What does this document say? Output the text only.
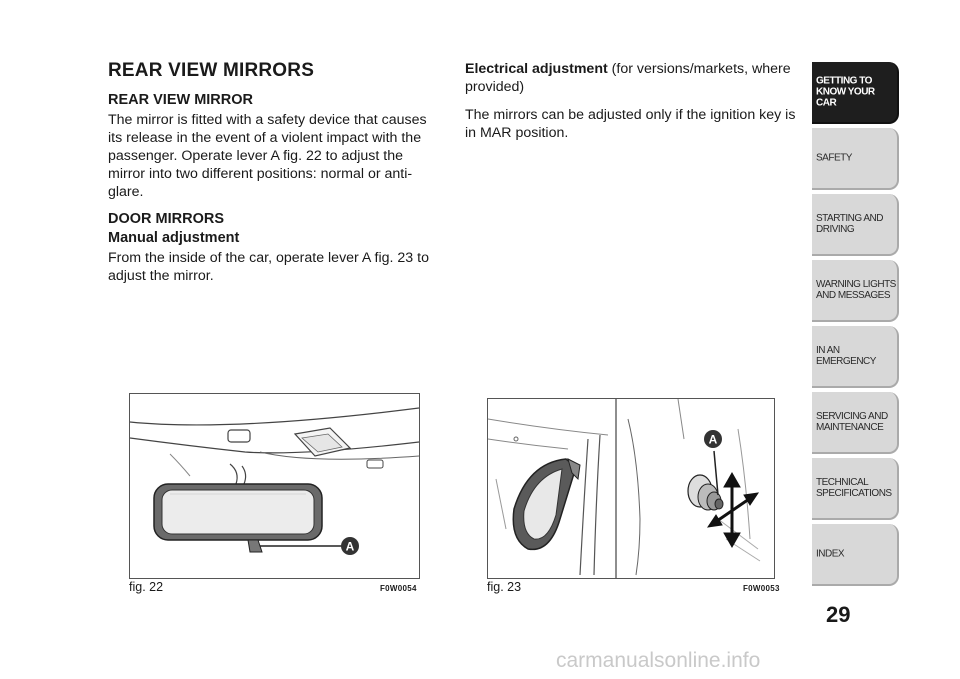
REAR VIEW MIRRORS
REAR VIEW MIRROR

The mirror is fitted with a safety device that causes its release in the event of a violent impact with the passenger. Operate lever A fig. 22 to adjust the mirror into two different positions: normal or anti-glare.

DOOR MIRRORS
Manual adjustment

From the inside of the car, operate lever A fig. 23 to adjust the mirror.

Electrical adjustment (for versions/markets, where provided)

The mirrors can be adjusted only if the ignition key is in MAR position.

A
fig. 22	F0W0054
A
fig. 23	F0W0053
GETTING TO KNOW YOUR CAR
SAFETY
STARTING AND DRIVING
WARNING LIGHTS AND MESSAGES
IN AN EMERGENCY
SERVICING AND MAINTENANCE
TECHNICAL SPECIFICATIONS
INDEX
29
carmanualsonline.info
